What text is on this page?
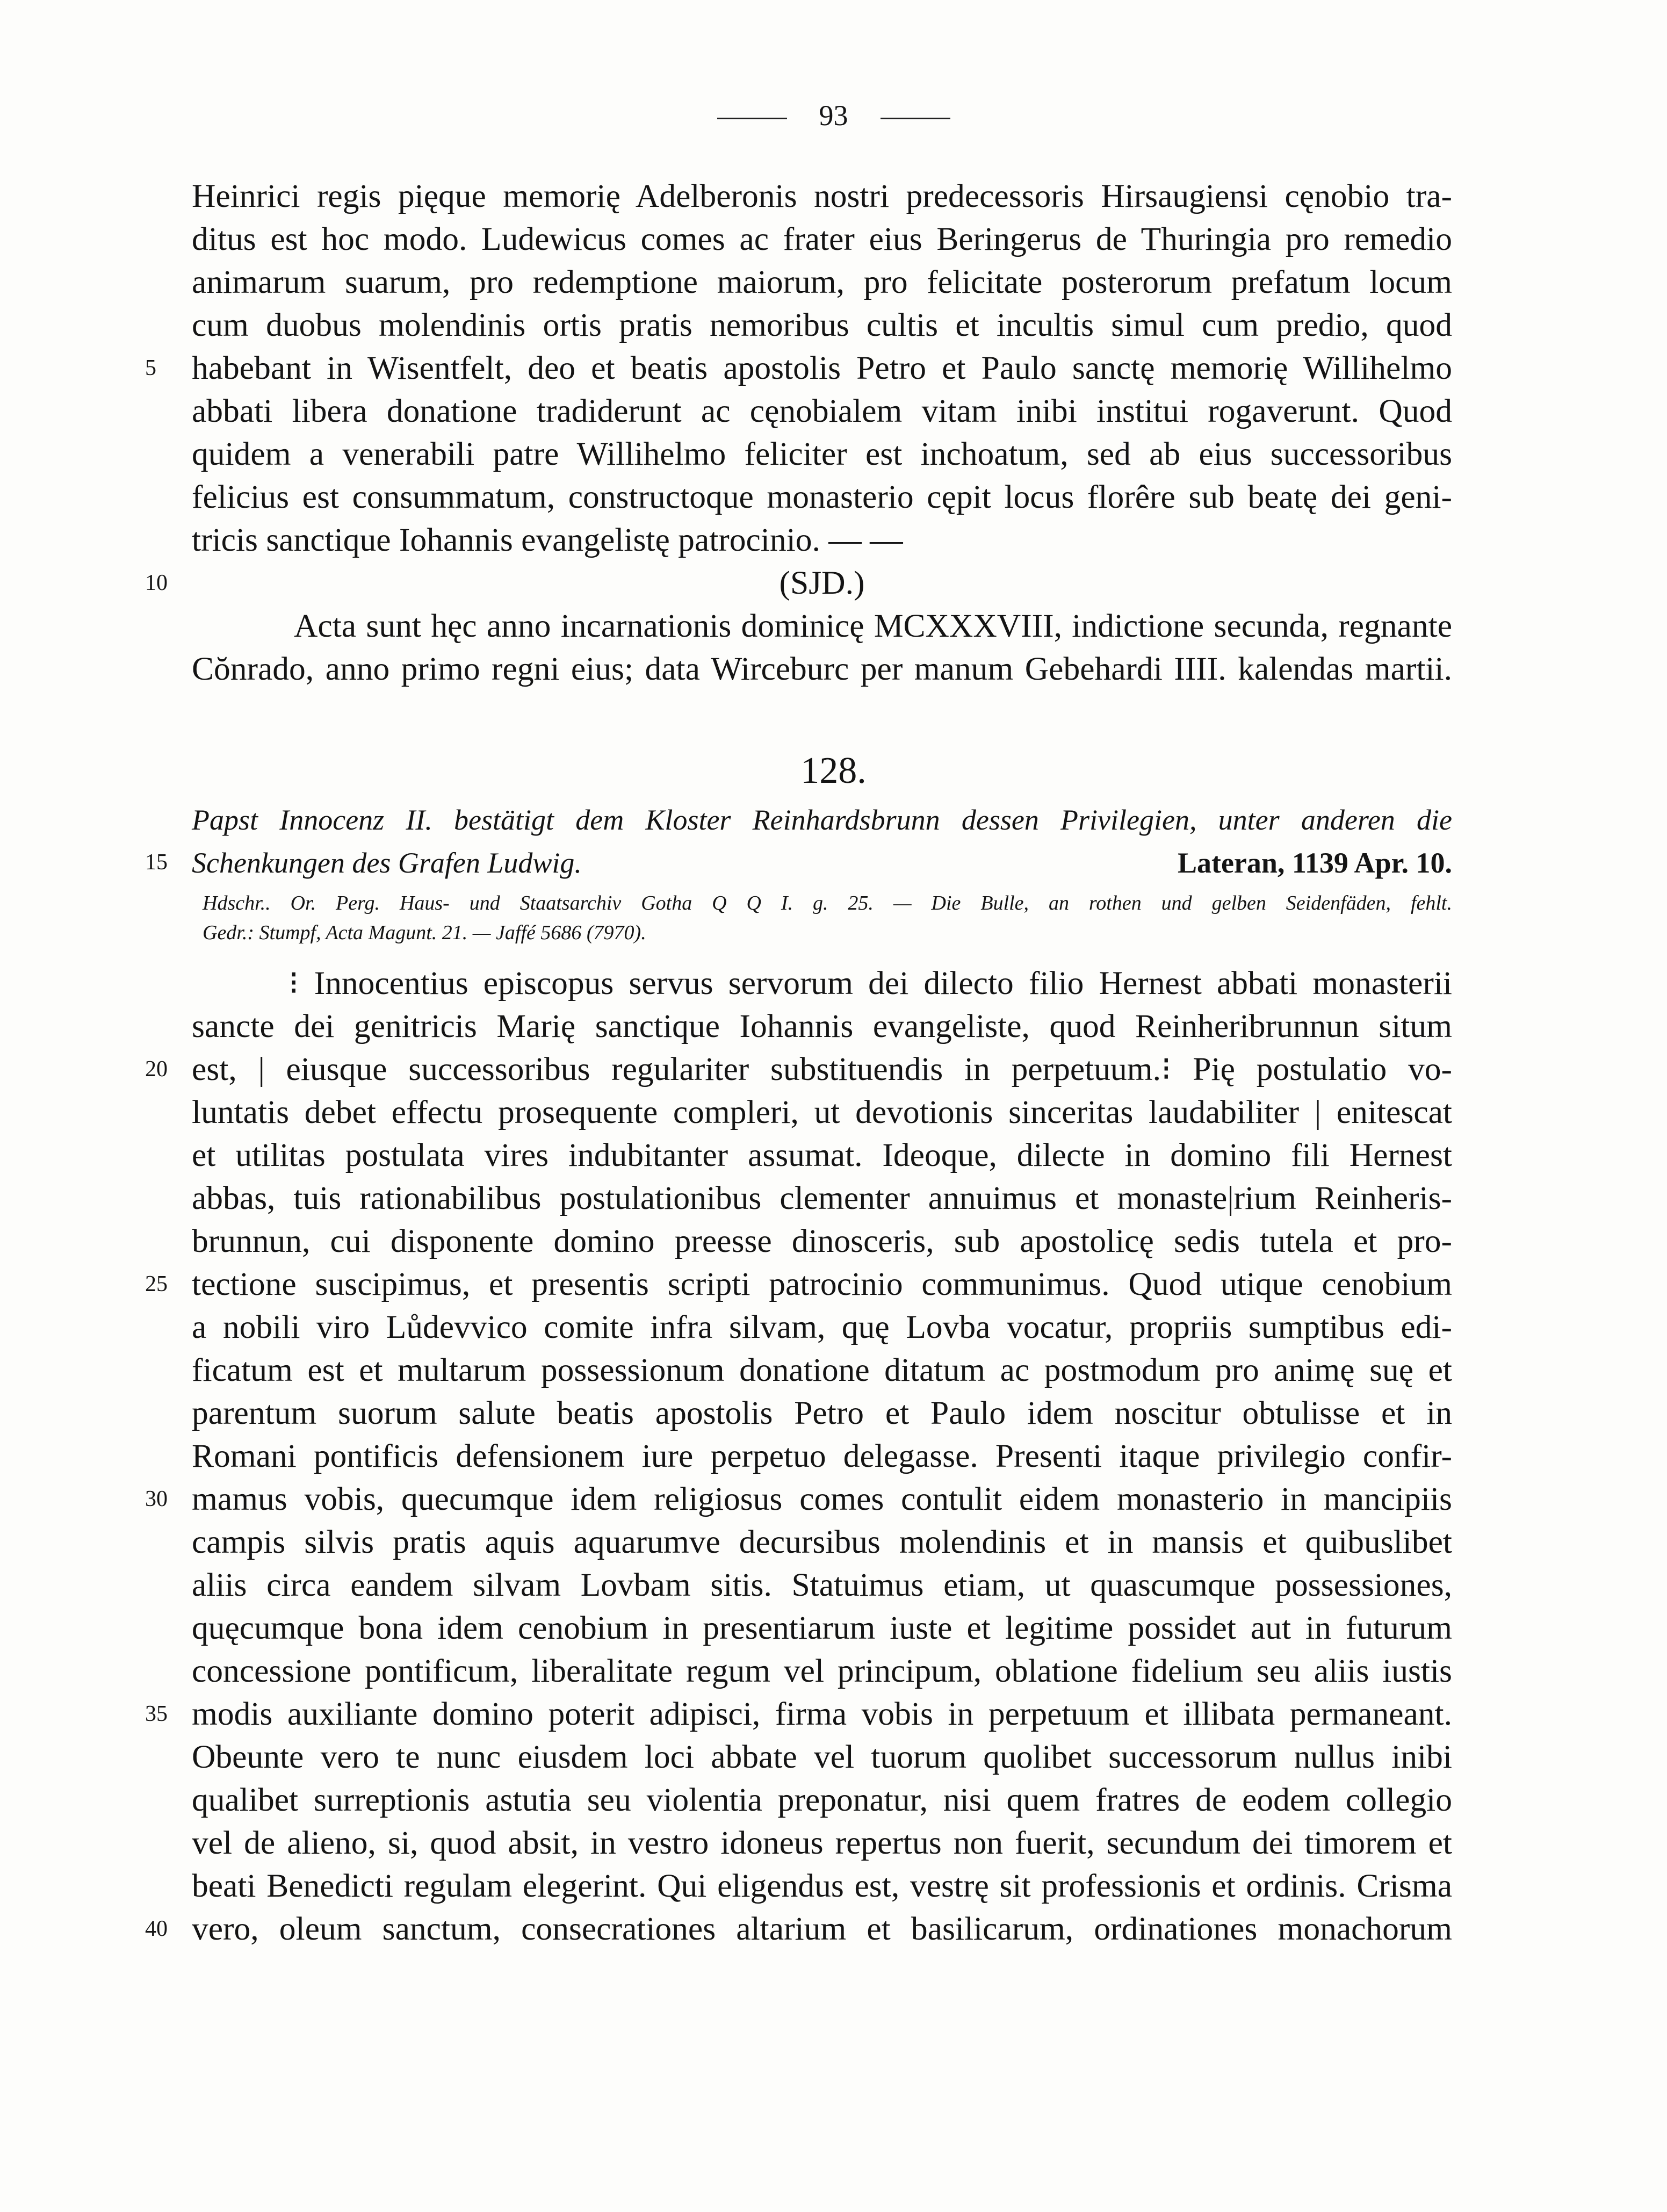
93
Heinrici regis pięque memorię Adelberonis nostri predecessoris Hirsaugiensi cęnobio tra-
ditus est hoc modo. Ludewicus comes ac frater eius Beringerus de Thuringia pro remedio
animarum suarum, pro redemptione maiorum, pro felicitate posterorum prefatum locum
cum duobus molendinis ortis pratis nemoribus cultis et incultis simul cum predio, quod
5 habebant in Wisentfelt, deo et beatis apostolis Petro et Paulo sanctę memorię Willihelmo
abbati libera donatione tradiderunt ac cęnobialem vitam inibi institui rogaverunt. Quod
quidem a venerabili patre Willihelmo feliciter est inchoatum, sed ab eius successoribus
felicius est consummatum, constructoque monasterio cępit locus florêre sub beatę dei geni-
tricis sanctique Iohannis evangelistę patrocinio. — —
10	(SJD.)
Acta sunt hęc anno incarnationis dominicę MCXXXVIII, indictione secunda, regnante
Cŏnrado, anno primo regni eius; data Wirceburc per manum Gebehardi IIII. kalendas martii.
128.
Papst Innocenz II. bestätigt dem Kloster Reinhardsbrunn dessen Privilegien, unter anderen die
15 Schenkungen des Grafen Ludwig.	Lateran, 1139 Apr. 10.
Hdschr.. Or. Perg. Haus- und Staatsarchiv Gotha Q Q I. g. 25. — Die Bulle, an rothen und gelben Seidenfäden, fehlt.
Gedr.: Stumpf, Acta Magunt. 21. — Jaffé 5686 (7970).
⁝ Innocentius episcopus servus servorum dei dilecto filio Hernest abbati monasterii
sancte dei genitricis Marię sanctique Iohannis evangeliste, quod Reinheribrunnun situm
20 est, | eiusque successoribus regulariter substituendis in perpetuum.⁝ Pię postulatio vo-
luntatis debet effectu prosequente compleri, ut devotionis sinceritas laudabiliter | enitescat
et utilitas postulata vires indubitanter assumat. Ideoque, dilecte in domino fili Hernest
abbas, tuis rationabilibus postulationibus clementer annuimus et monaste|rium Reinheris-
brunnun, cui disponente domino preesse dinosceris, sub apostolicę sedis tutela et pro-
25 tectione suscipimus, et presentis scripti patrocinio communimus. Quod utique cenobium
a nobili viro Lůdevvico comite infra silvam, quę Lovba vocatur, propriis sumptibus edi-
ficatum est et multarum possessionum donatione ditatum ac postmodum pro animę suę et
parentum suorum salute beatis apostolis Petro et Paulo idem noscitur obtulisse et in
Romani pontificis defensionem iure perpetuo delegasse. Presenti itaque privilegio confir-
30 mamus vobis, quecumque idem religiosus comes contulit eidem monasterio in mancipiis
campis silvis pratis aquis aquarumve decursibus molendinis et in mansis et quibuslibet
aliis circa eandem silvam Lovbam sitis. Statuimus etiam, ut quascumque possessiones,
quęcumque bona idem cenobium in presentiarum iuste et legitime possidet aut in futurum
concessione pontificum, liberalitate regum vel principum, oblatione fidelium seu aliis iustis
35 modis auxiliante domino poterit adipisci, firma vobis in perpetuum et illibata permaneant.
Obeunte vero te nunc eiusdem loci abbate vel tuorum quolibet successorum nullus inibi
qualibet surreptionis astutia seu violentia preponatur, nisi quem fratres de eodem collegio
vel de alieno, si, quod absit, in vestro idoneus repertus non fuerit, secundum dei timorem et
beati Benedicti regulam elegerint. Qui eligendus est, vestrę sit professionis et ordinis. Crisma
40 vero, oleum sanctum, consecrationes altarium et basilicarum, ordinationes monachorum
